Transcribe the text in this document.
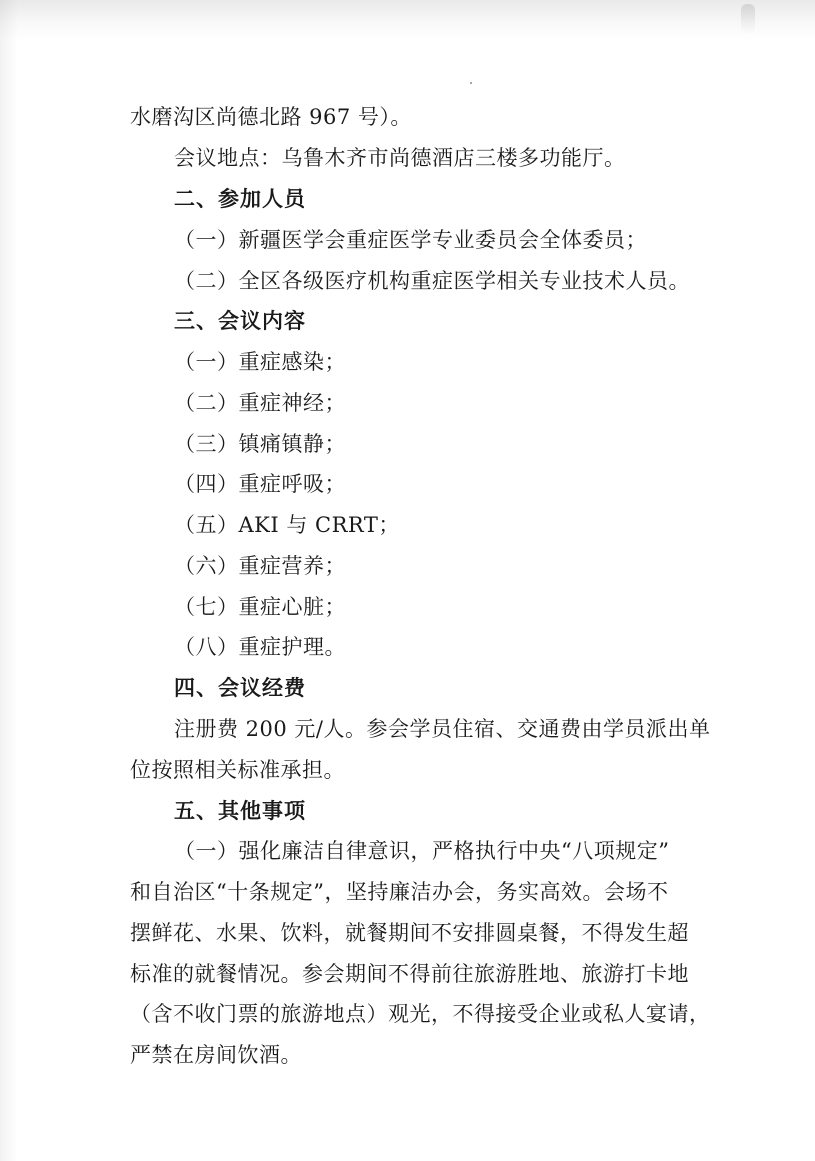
水磨沟区尚德北路 967 号）。
会议地点：乌鲁木齐市尚德酒店三楼多功能厅。
二、参加人员
（一）新疆医学会重症医学专业委员会全体委员；
（二）全区各级医疗机构重症医学相关专业技术人员。
三、会议内容
（一）重症感染；
（二）重症神经；
（三）镇痛镇静；
（四）重症呼吸；
（五）AKI 与 CRRT；
（六）重症营养；
（七）重症心脏；
（八）重症护理。
四、会议经费
注册费 200 元/人。参会学员住宿、交通费由学员派出单
位按照相关标准承担。
五、其他事项
（一）强化廉洁自律意识，严格执行中央“八项规定”
和自治区“十条规定”，坚持廉洁办会，务实高效。会场不
摆鲜花、水果、饮料，就餐期间不安排圆桌餐，不得发生超
标准的就餐情况。参会期间不得前往旅游胜地、旅游打卡地
（含不收门票的旅游地点）观光，不得接受企业或私人宴请，
严禁在房间饮酒。
